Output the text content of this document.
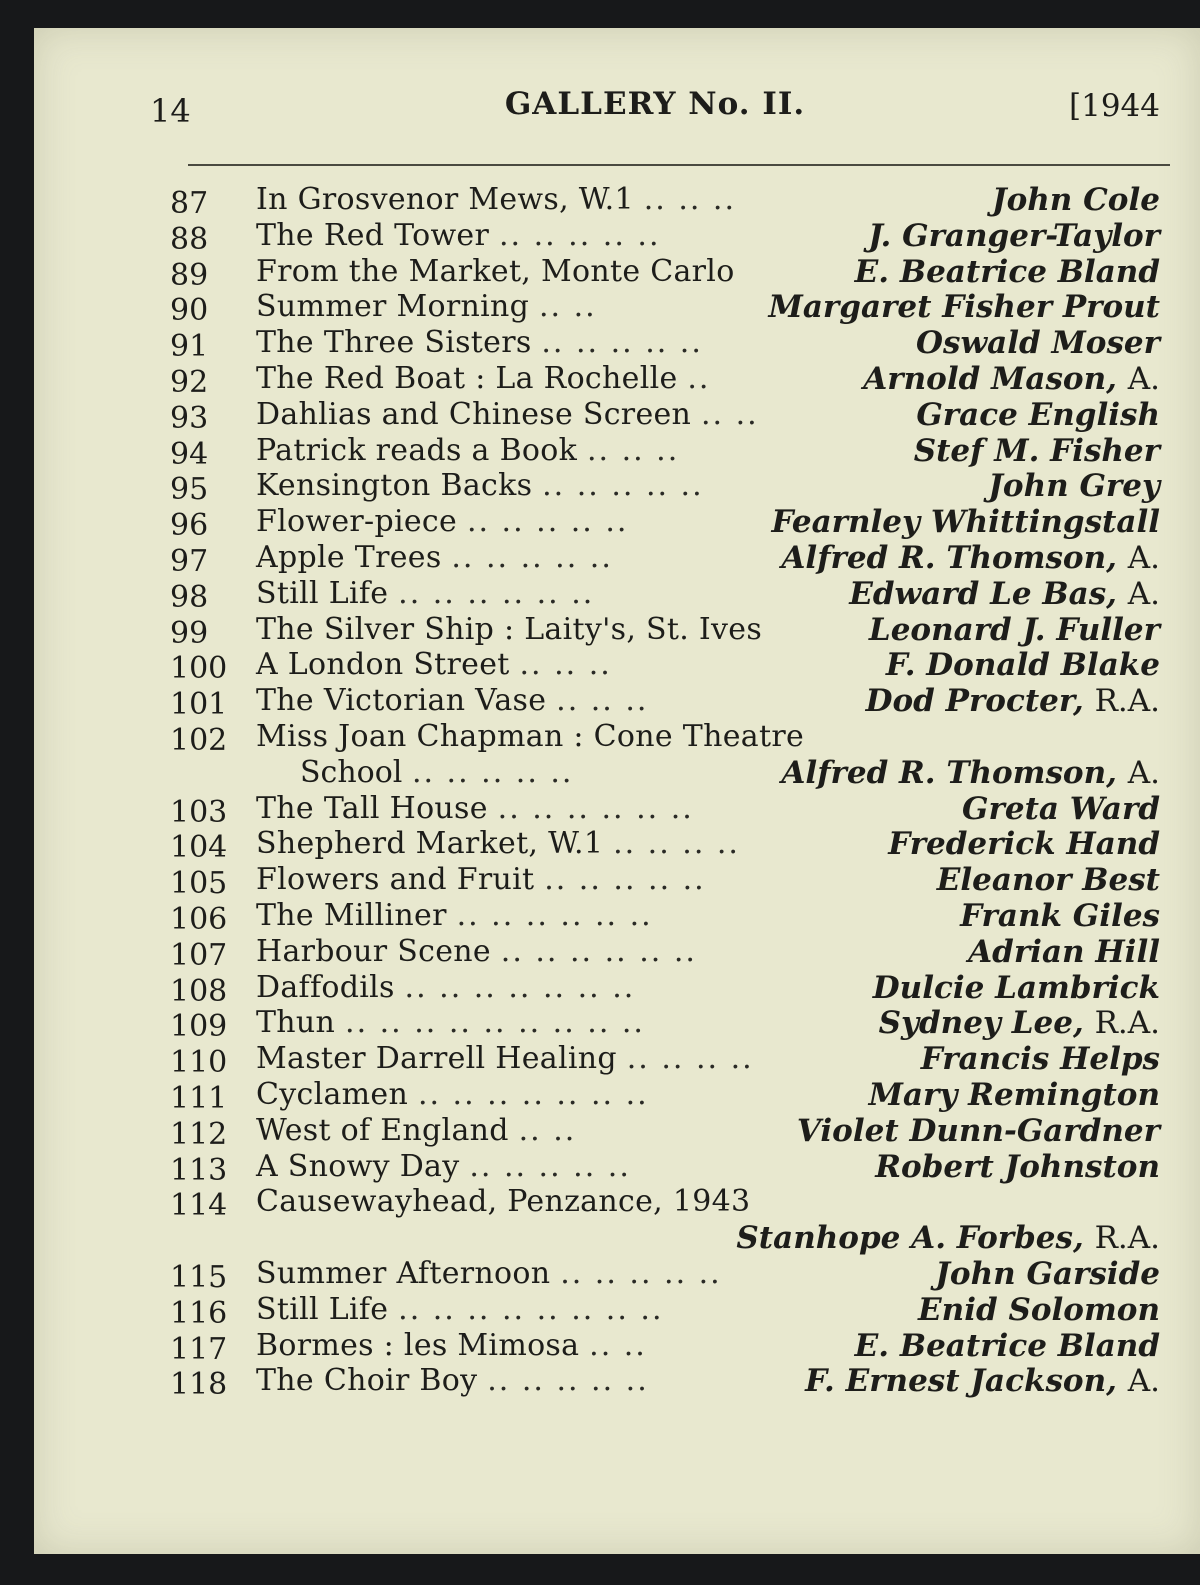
14	GALLERY No. II.	[1944
87	In Grosvenor Mews, W.1 .. .. ..	John Cole
88	The Red Tower .. .. .. .. ..	J. Granger-Taylor
89	From the Market, Monte Carlo	E. Beatrice Bland
90	Summer Morning .. ..	Margaret Fisher Prout
91	The Three Sisters .. .. .. .. ..	Oswald Moser
92	The Red Boat : La Rochelle ..	Arnold Mason, A.
93	Dahlias and Chinese Screen .. ..	Grace English
94	Patrick reads a Book .. .. ..	Stef M. Fisher
95	Kensington Backs .. .. .. .. ..	John Grey
96	Flower-piece .. .. .. .. ..	Fearnley Whittingstall
97	Apple Trees .. .. .. .. ..	Alfred R. Thomson, A.
98	Still Life .. .. .. .. .. ..	Edward Le Bas, A.
99	The Silver Ship : Laity's, St. Ives	Leonard J. Fuller
100 A London Street .. .. ..	F. Donald Blake
101 The Victorian Vase .. .. ..	Dod Procter, R.A.
102 Miss Joan Chapman : Cone Theatre
School .. .. .. .. ..	Alfred R. Thomson, A.
103 The Tall House .. .. .. .. .. ..	Greta Ward
104 Shepherd Market, W.1 .. .. .. ..	Frederick Hand
105 Flowers and Fruit .. .. .. .. ..	Eleanor Best
106 The Milliner .. .. .. .. .. ..	Frank Giles
107 Harbour Scene .. .. .. .. .. ..	Adrian Hill
108 Daffodils .. .. .. .. .. .. ..	Dulcie Lambrick
109 Thun .. .. .. .. .. .. .. .. ..	Sydney Lee, R.A.
110 Master Darrell Healing .. .. .. ..	Francis Helps
111 Cyclamen .. .. .. .. .. .. ..	Mary Remington
112 West of England .. ..	Violet Dunn-Gardner
113 A Snowy Day .. .. .. .. ..	Robert Johnston
114 Causewayhead, Penzance, 1943
Stanhope A. Forbes, R.A.
115 Summer Afternoon .. .. .. .. ..	John Garside
116 Still Life .. .. .. .. .. .. .. ..	Enid Solomon
117 Bormes : les Mimosa .. ..	E. Beatrice Bland
118 The Choir Boy .. .. .. .. ..	F. Ernest Jackson, A.
